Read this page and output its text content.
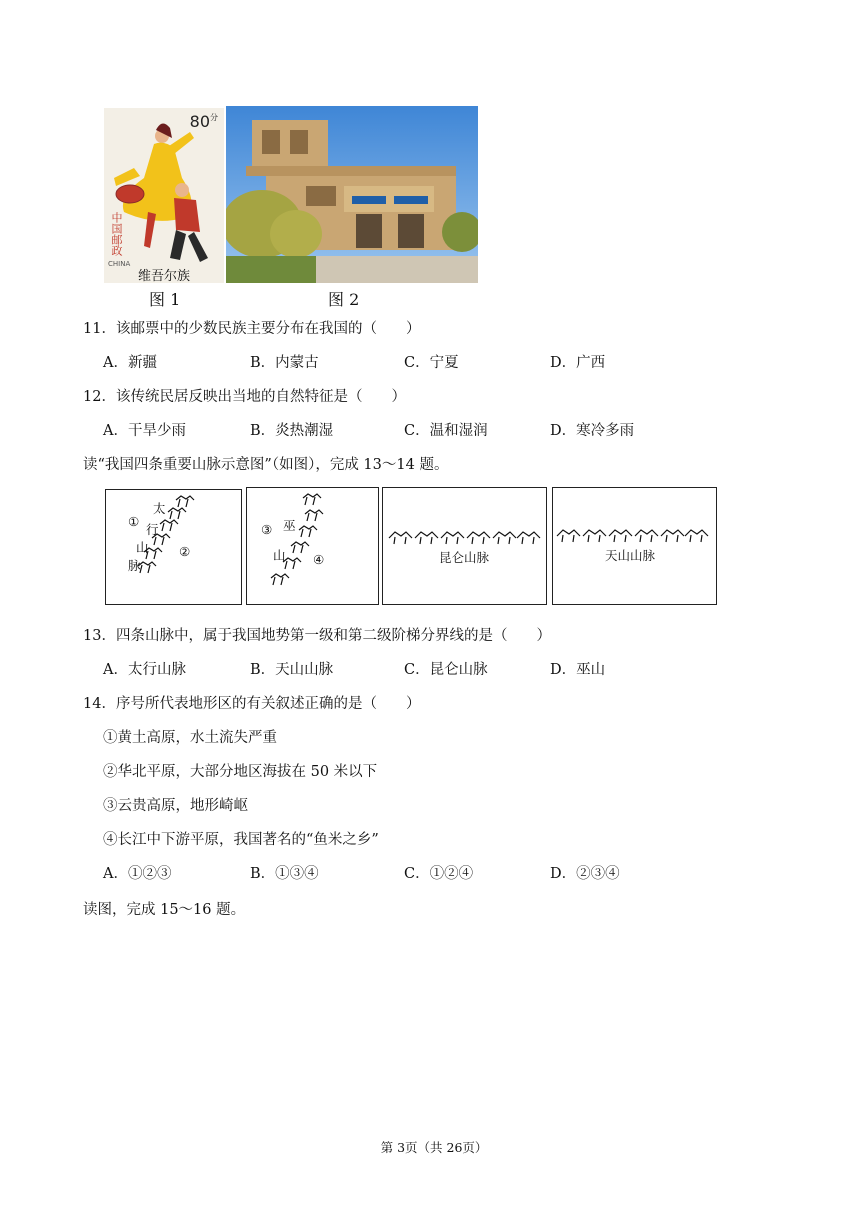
$80^分$
中国邮政
CHINA
维吾尔族
图 1	图 2
11．该邮票中的少数民族主要分布在我国的（　　）
A．新疆	B．内蒙古	C．宁夏	D．广西
12．该传统民居反映出当地的自然特征是（　　）
A．干旱少雨	B．炎热潮湿	C．温和湿润	D．寒冷多雨
读“我国四条重要山脉示意图”（如图），完成 13～14 题。
太
行
山
脉
①
②
巫
山
③
④	昆仑山脉	天山山脉
13．四条山脉中，属于我国地势第一级和第二级阶梯分界线的是（　　）
A．太行山脉	B．天山山脉	C．昆仑山脉	D．巫山
14．序号所代表地形区的有关叙述正确的是（　　）
①黄土高原，水土流失严重
②华北平原，大部分地区海拔在 50 米以下
③云贵高原，地形崎岖
④长江中下游平原，我国著名的“鱼米之乡”
A．①②③	B．①③④	C．①②④	D．②③④
读图，完成 15～16 题。
第 3页（共 26页）
